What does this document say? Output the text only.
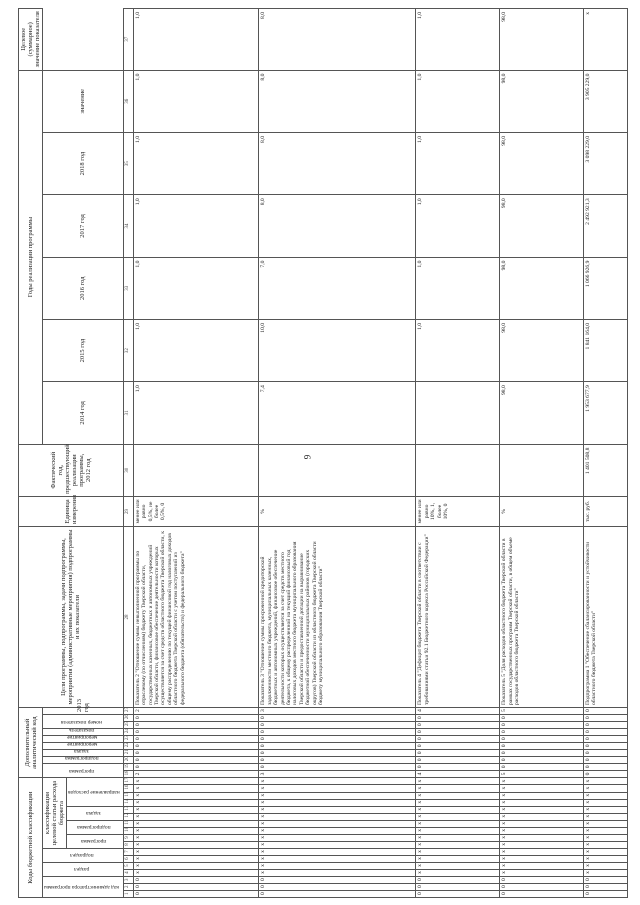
9
Коды бюджетной классификации																	Дополнительный аналитический код										Цели программы, подпрограммы, задачи подпрограммы, мероприятия (административные мероприятия) подпрограммы и их показатели	Единица измерения	Фактический год, предшествующий реализации программы, 2012 год	Годы реализации программы						Целевое (суммарное) значение показателя
код администратора программы			раздел		подраздел		классификация целевой статьи расхода бюджета										программа		подпрограмма	задача	мероприятие	мероприятие	показатель	номер показателя		2013 год				2014 год	2015 год	2016 год	2017 год	2018 год	значение	
							программа		подпрограмма		задача		направление расходов																							
1	2	3	4	5	6	7	8	9	10	11	12	13	14	15	16	17	18	19	20	21	22	23	24	25	26	27	28	29	30	31	32	33	34	35	36	37
0	0	0	x	x	x	x	x	x	x	x	x	x	x	x	x	x	2	0	0	0	0	0	0	0	0	2	Показатель 2 "Отношение суммы невыполненной программы по отраслевому (по отчислениям) бюджету Тверской области, государственных казенных, бюджетных и автономных учреждений Тверской области, финансовое обеспечение деятельности которых осуществляется за счет средств областного бюджета Тверской области, к общему распределению по текущей финансовой год налоговых доходов областного бюджета Тверской области с учетом поступлений из федерального бюджета (обязательств) и федерального бюджета"	менее или равно 0,5%, не более 0,5%, 0		1,0	1,0	1,0	1,0	1,0	1,0	1,0
0	0	0	x	x	x	x	x	x	x	x	x	x	x	x	x	x	3	0	0	0	0	0	0	0	0	3	Показатель 3 "Отношение суммы просроченной кредиторской задолженности местного бюджета, муниципальных казенных, бюджетных и автономных учреждений, финансовое обеспечение деятельности которых осуществляется за счет средств местного бюджета, к общему распределенной на текущий финансовый год налоговых доходов местного бюджета муниципального образования Тверской области и предоставленной дотации на выравнивание бюджетной обеспеченности муниципальных районов (городских округов) Тверской области из областного бюджета Тверской области бюджету муниципального образования Тверской области"	%		7,4	10,0	7,0	8,0	8,0	8,0	8,0
0	0	0	x	x	x	x	x	x	x	x	x	x	x	x	x	x	4	0	0	0	0	0	0	0	0	4	Показатель 4 "Дефицит бюджета Тверской области в соответствии с требованиями статьи 92.1 Бюджетного кодекса Российской Федерации"	менее или равно 10%, 1, более 10%, 0			1,0	1,0	1,0	1,0	1,0	1,0
0	0	0	x	x	x	x	x	x	x	x	x	x	x	x	x	x	5	0	0	0	0	0	0	0	0	5	Показатель 5 "Доля расходов областного бюджета Тверской области в рамках государственных программ Тверской области, в общем объеме расходов областного бюджета Тверской области"	%		98,0	98,0	98,0	98,0	98,0	98,0	98,0
0	0	0	x	x	x	x	x	x	x	x	x	x	x	x	x	x	0	0	0	0	0	0	0	0	0	0	Подпрограмма 1 "Обеспечение сбалансированности и устойчивости областного бюджета Тверской области"	тыс. руб.	1 401 508,8	1 953 677,9	1 841 164,0	1 066 926,9	2 492 921,3	3 098 229,0	3 905 229,0	x
